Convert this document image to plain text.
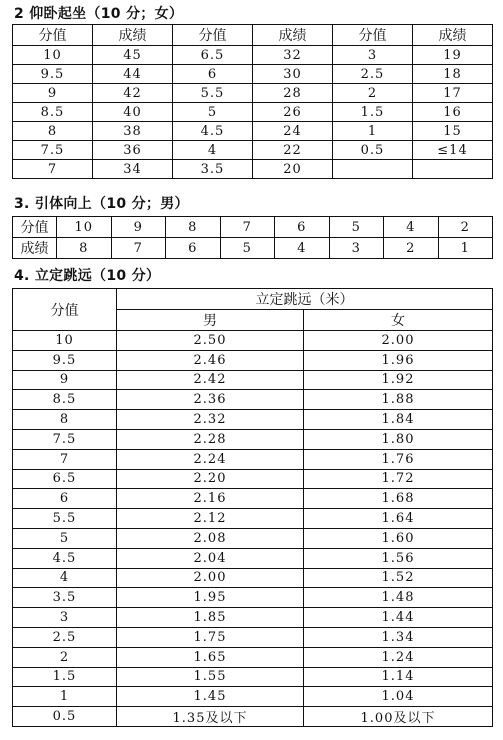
2 仰卧起坐（10 分；女）
分值	成绩	分值	成绩	分值	成绩
10	45	6.5	32	3	19
9.5	44	6	30	2.5	18
9	42	5.5	28	2	17
8.5	40	5	26	1.5	16
8	38	4.5	24	1	15
7.5	36	4	22	0.5	≤14
7	34	3.5	20		
3. 引体向上（10 分；男）
分值	10	9	8	7	6	5	4	2
成绩	8	7	6	5	4	3	2	1
4. 立定跳远（10 分）
分值	立定跳远（米）	
	男	女
10	2.50	2.00
9.5	2.46	1.96
9	2.42	1.92
8.5	2.36	1.88
8	2.32	1.84
7.5	2.28	1.80
7	2.24	1.76
6.5	2.20	1.72
6	2.16	1.68
5.5	2.12	1.64
5	2.08	1.60
4.5	2.04	1.56
4	2.00	1.52
3.5	1.95	1.48
3	1.85	1.44
2.5	1.75	1.34
2	1.65	1.24
1.5	1.55	1.14
1	1.45	1.04
0.5	1.35及以下	1.00及以下
